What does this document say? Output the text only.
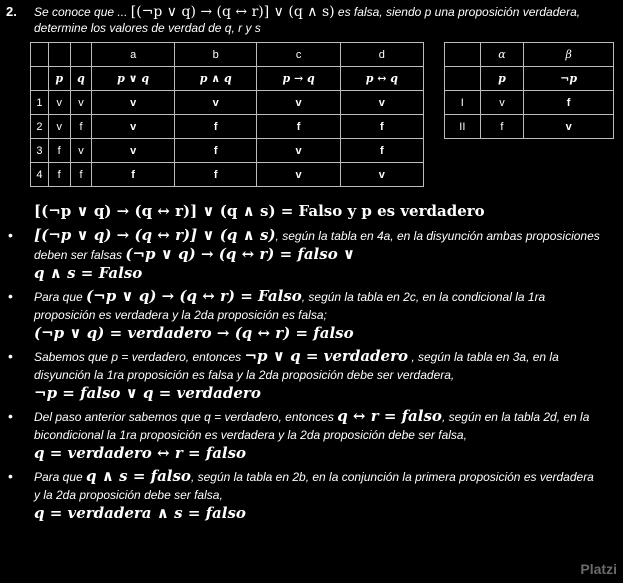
2. Se conoce que ... [(¬p ∨ q) → (q ↔ r)] ∨ (q ∧ s) es falsa, siendo p una proposición verdadera, determine los valores de verdad de q, r y s
			a	b	c	d
	p	q	p ∨ q	p ∧ q	p → q	p ↔ q
1	v	v	v	v	v	v
2	v	f	v	f	f	f
3	f	v	v	f	v	f
4	f	f	f	f	v	v
	α	β
	p	¬p
I	v	f
II	f	v
[(¬p ∨ q) → (q ↔ r)] ∨ (q ∧ s) = Falso y p es verdadero
• [(¬p ∨ q) → (q ↔ r)] ∨ (q ∧ s), según la tabla en 4a, en la disyunción ambas proposiciones deben ser falsas (¬p ∨ q) → (q ↔ r) = falso ∨
q ∧ s = Falso
• Para que (¬p ∨ q) → (q ↔ r) = Falso, según la tabla en 2c, en la condicional la 1ra proposición es verdadera y la 2da proposición es falsa;
(¬p ∨ q) = verdadero → (q ↔ r) = falso
• Sabemos que p = verdadero, entonces ¬p ∨ q = verdadero , según la tabla en 3a, en la disyunción la 1ra proposición es falsa y la 2da proposición debe ser verdadera,
¬p = falso ∨ q = verdadero
• Del paso anterior sabemos que q = verdadero, entonces q ↔ r = falso, según en la tabla 2d, en la bicondicional la 1ra proposición es verdadera y la 2da proposición debe ser falsa,
q = verdadero ↔ r = falso
• Para que q ∧ s = falso, según la tabla en 2b, en la conjunción la primera proposición es verdadera y la 2da proposición debe ser falsa,
q = verdadera ∧ s = falso
Platzi
